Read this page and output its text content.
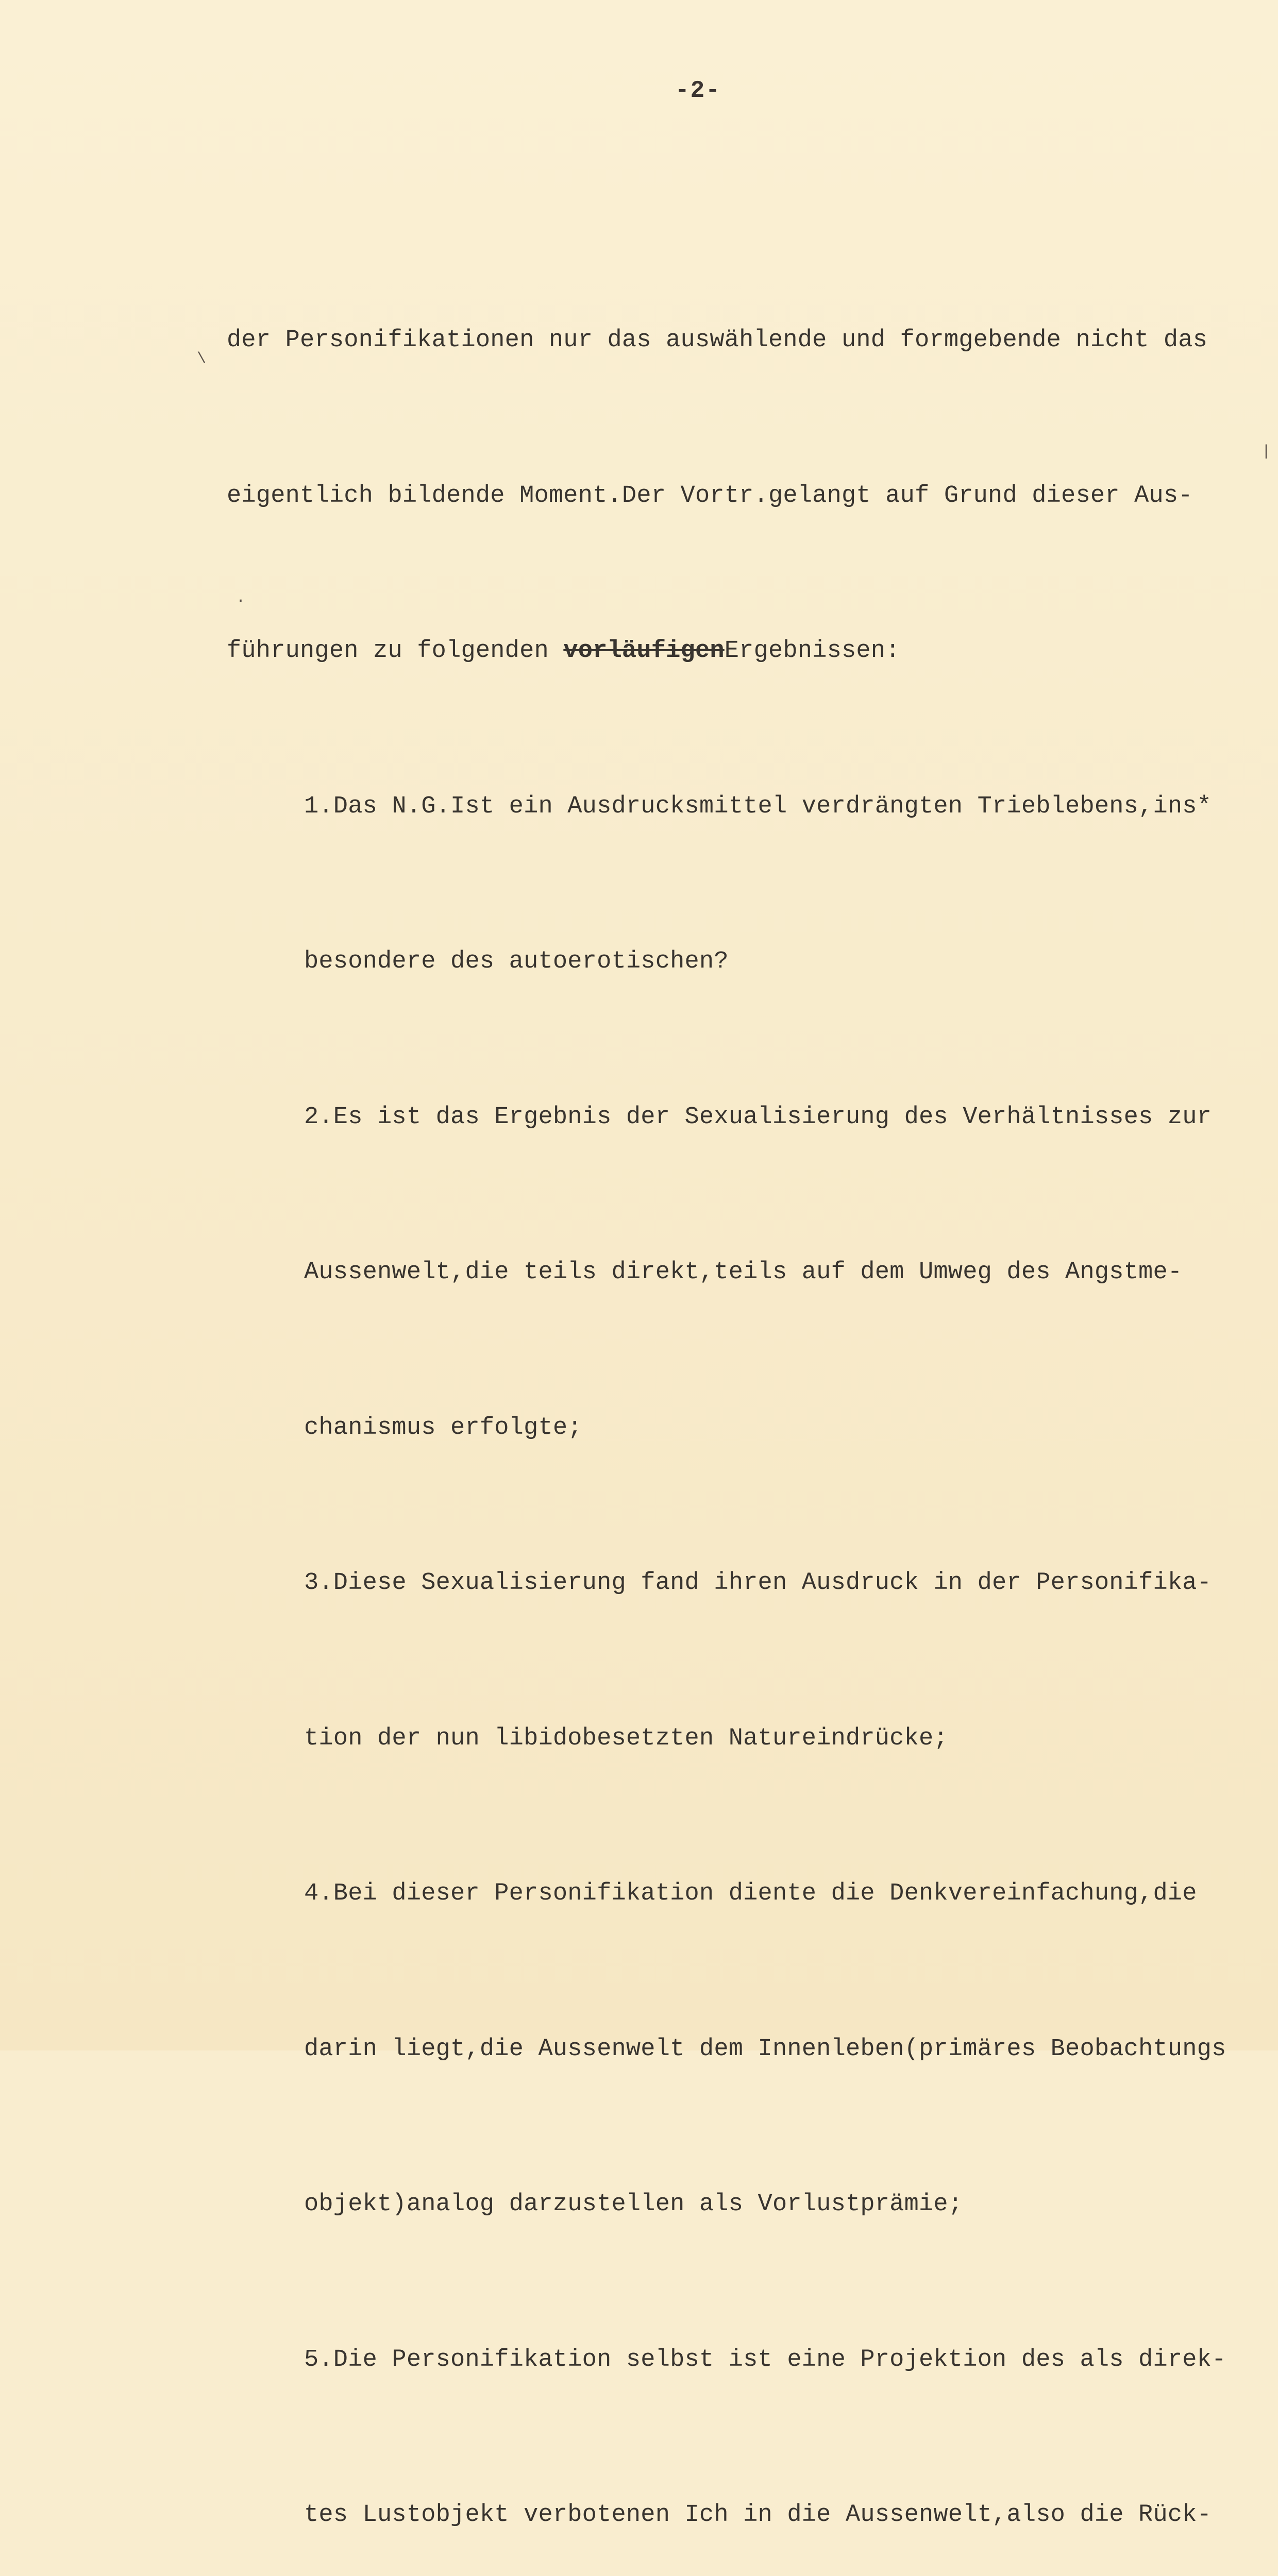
-2-

der Personifikationen nur das auswählende und formgebende nicht das

eigentlich bildende Moment.Der Vortr.gelangt auf Grund dieser Aus-

führungen zu folgenden vorläufigenErgebnissen:

1.Das N.G.Ist ein Ausdrucksmittel verdrängten Trieblebens,ins*

besondere des autoerotischen?

2.Es ist das Ergebnis der Sexualisierung des Verhältnisses zur

Aussenwelt,die teils direkt,teils auf dem Umweg des Angstme-

chanismus erfolgte;

3.Diese Sexualisierung fand ihren Ausdruck in der Personifika-

tion der nun libidobesetzten Natureindrücke;

4.Bei dieser Personifikation diente die Denkvereinfachung,die

darin liegt,die Aussenwelt dem Innenleben(primäres Beobachtungs

objekt)analog darzustellen als Vorlustprämie;

5.Die Personifikation selbst ist eine Projektion des als direk-

tes Lustobjekt verbotenen Ich in die Aussenwelt,also die Rück-

\
·
|
